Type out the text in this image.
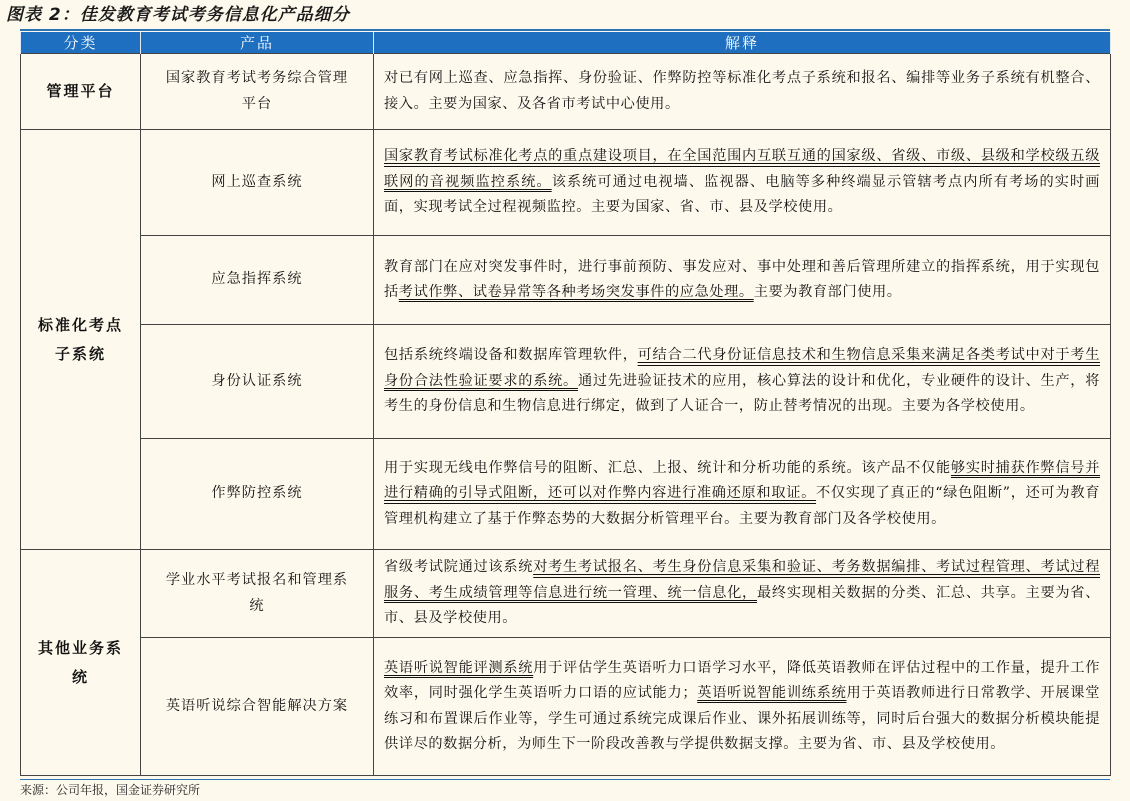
图表 2：佳发教育考试考务信息化产品细分
分类	产品	解释
管理平台	国家教育考试考务综合管理平台	对已有网上巡查、应急指挥、身份验证、作弊防控等标准化考点子系统和报名、编排等业务子系统有机整合、接入。主要为国家、及各省市考试中心使用。
标准化考点子系统	网上巡查系统	国家教育考试标准化考点的重点建设项目，在全国范围内互联互通的国家级、省级、市级、县级和学校级五级联网的音视频监控系统。该系统可通过电视墙、监视器、电脑等多种终端显示管辖考点内所有考场的实时画面，实现考试全过程视频监控。主要为国家、省、市、县及学校使用。
	应急指挥系统	教育部门在应对突发事件时，进行事前预防、事发应对、事中处理和善后管理所建立的指挥系统，用于实现包括考试作弊、试卷异常等各种考场突发事件的应急处理。主要为教育部门使用。
	身份认证系统	包括系统终端设备和数据库管理软件，可结合二代身份证信息技术和生物信息采集来满足各类考试中对于考生身份合法性验证要求的系统。通过先进验证技术的应用，核心算法的设计和优化，专业硬件的设计、生产，将考生的身份信息和生物信息进行绑定，做到了人证合一，防止替考情况的出现。主要为各学校使用。
	作弊防控系统	用于实现无线电作弊信号的阻断、汇总、上报、统计和分析功能的系统。该产品不仅能够实时捕获作弊信号并进行精确的引导式阻断，还可以对作弊内容进行准确还原和取证。不仅实现了真正的“绿色阻断”，还可为教育管理机构建立了基于作弊态势的大数据分析管理平台。主要为教育部门及各学校使用。
其他业务系统	学业水平考试报名和管理系统	省级考试院通过该系统对考生考试报名、考生身份信息采集和验证、考务数据编排、考试过程管理、考试过程服务、考生成绩管理等信息进行统一管理、统一信息化，最终实现相关数据的分类、汇总、共享。主要为省、市、县及学校使用。
	英语听说综合智能解决方案	英语听说智能评测系统用于评估学生英语听力口语学习水平，降低英语教师在评估过程中的工作量，提升工作效率，同时强化学生英语听力口语的应试能力；英语听说智能训练系统用于英语教师进行日常教学、开展课堂练习和布置课后作业等，学生可通过系统完成课后作业、课外拓展训练等，同时后台强大的数据分析模块能提供详尽的数据分析，为师生下一阶段改善教与学提供数据支撑。主要为省、市、县及学校使用。
来源：公司年报，国金证券研究所
